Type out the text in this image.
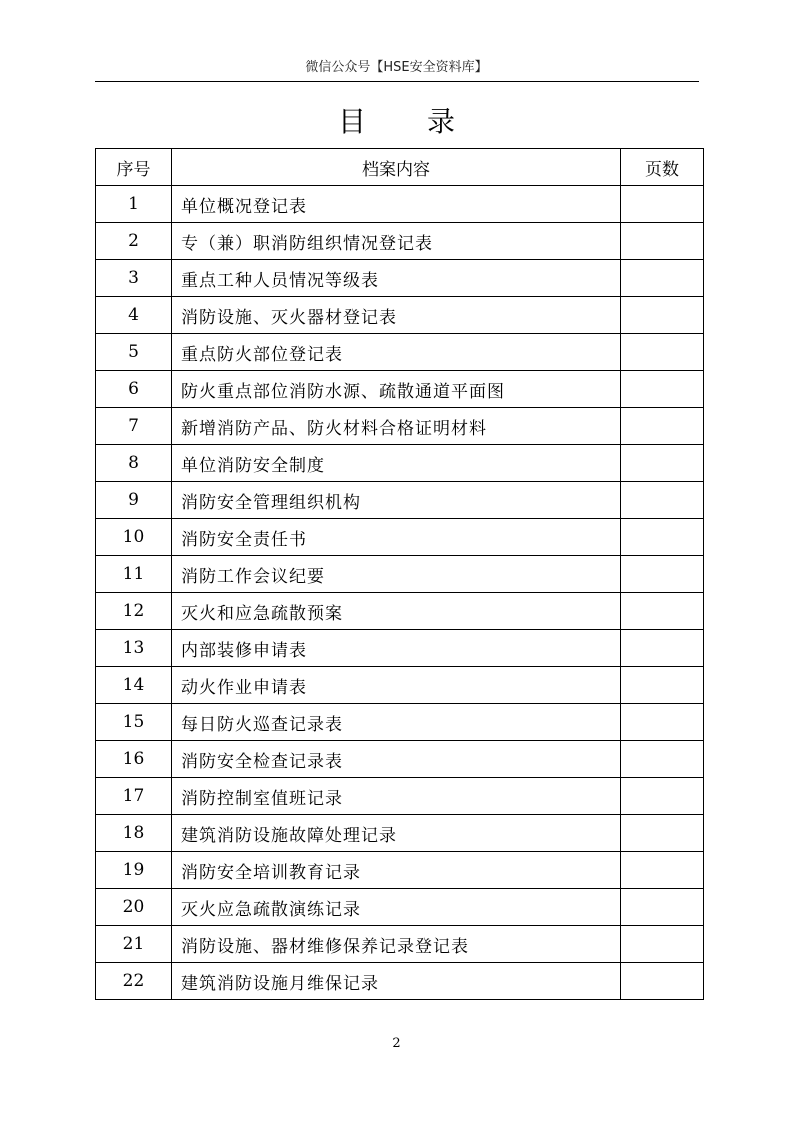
微信公众号【HSE安全资料库】
目 录
序号	档案内容	页数
1	单位概况登记表	
2	专（兼）职消防组织情况登记表	
3	重点工种人员情况等级表	
4	消防设施、灭火器材登记表	
5	重点防火部位登记表	
6	防火重点部位消防水源、疏散通道平面图	
7	新增消防产品、防火材料合格证明材料	
8	单位消防安全制度	
9	消防安全管理组织机构	
10	消防安全责任书	
11	消防工作会议纪要	
12	灭火和应急疏散预案	
13	内部装修申请表	
14	动火作业申请表	
15	每日防火巡查记录表	
16	消防安全检查记录表	
17	消防控制室值班记录	
18	建筑消防设施故障处理记录	
19	消防安全培训教育记录	
20	灭火应急疏散演练记录	
21	消防设施、器材维修保养记录登记表	
22	建筑消防设施月维保记录	
2
